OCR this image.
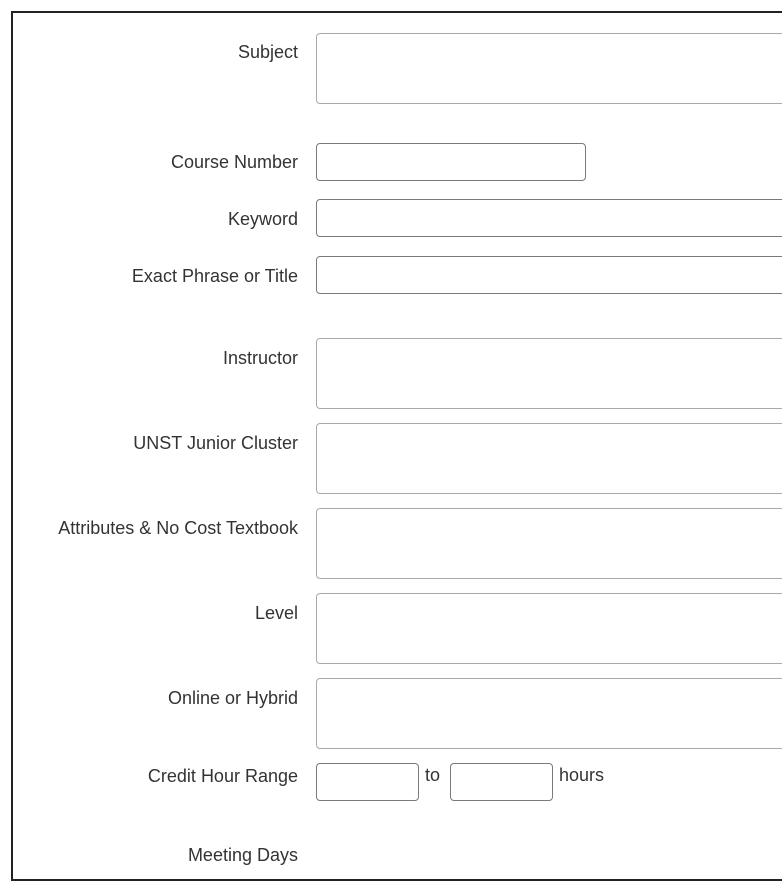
Subject
Course Number
Keyword
Exact Phrase or Title
Instructor
UNST Junior Cluster
Attributes & No Cost Textbook
Level
Online or Hybrid
Credit Hour Range	to	hours
Meeting Days
